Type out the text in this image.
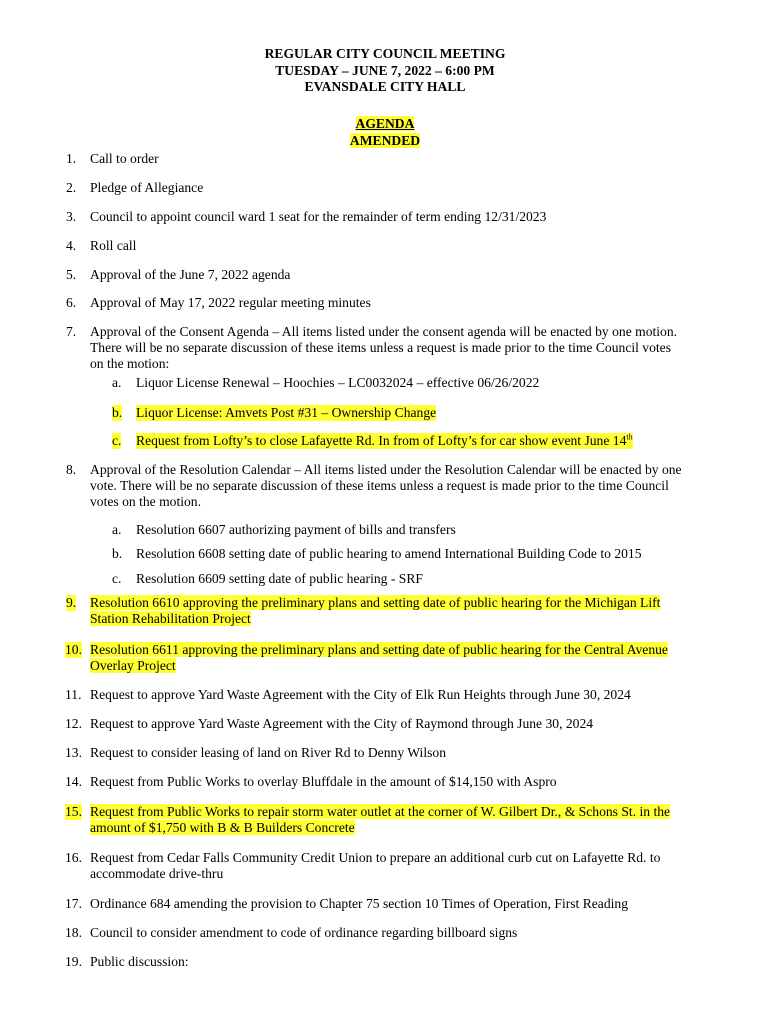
REGULAR CITY COUNCIL MEETING
TUESDAY – JUNE 7, 2022 – 6:00 PM
EVANSDALE CITY HALL
AGENDA
AMENDED
1. Call to order
2. Pledge of Allegiance
3. Council to appoint council ward 1 seat for the remainder of term ending 12/31/2023
4. Roll call
5. Approval of the June 7, 2022 agenda
6. Approval of May 17, 2022 regular meeting minutes
7. Approval of the Consent Agenda – All items listed under the consent agenda will be enacted by one motion.
There will be no separate discussion of these items unless a request is made prior to the time Council votes
on the motion:
a. Liquor License Renewal – Hoochies – LC0032024 – effective 06/26/2022
b. Liquor License: Amvets Post #31 – Ownership Change
c. Request from Lofty’s to close Lafayette Rd. In from of Lofty’s for car show event June 14th
8. Approval of the Resolution Calendar – All items listed under the Resolution Calendar will be enacted by one
vote. There will be no separate discussion of these items unless a request is made prior to the time Council
votes on the motion.
a. Resolution 6607 authorizing payment of bills and transfers
b. Resolution 6608 setting date of public hearing to amend International Building Code to 2015
c. Resolution 6609 setting date of public hearing - SRF
9. Resolution 6610 approving the preliminary plans and setting date of public hearing for the Michigan Lift
Station Rehabilitation Project
10. Resolution 6611 approving the preliminary plans and setting date of public hearing for the Central Avenue
Overlay Project
11. Request to approve Yard Waste Agreement with the City of Elk Run Heights through June 30, 2024
12. Request to approve Yard Waste Agreement with the City of Raymond through June 30, 2024
13. Request to consider leasing of land on River Rd to Denny Wilson
14. Request from Public Works to overlay Bluffdale in the amount of $14,150 with Aspro
15. Request from Public Works to repair storm water outlet at the corner of W. Gilbert Dr., & Schons St. in the
amount of $1,750 with B & B Builders Concrete
16. Request from Cedar Falls Community Credit Union to prepare an additional curb cut on Lafayette Rd. to
accommodate drive-thru
17. Ordinance 684 amending the provision to Chapter 75 section 10 Times of Operation, First Reading
18. Council to consider amendment to code of ordinance regarding billboard signs
19. Public discussion:
